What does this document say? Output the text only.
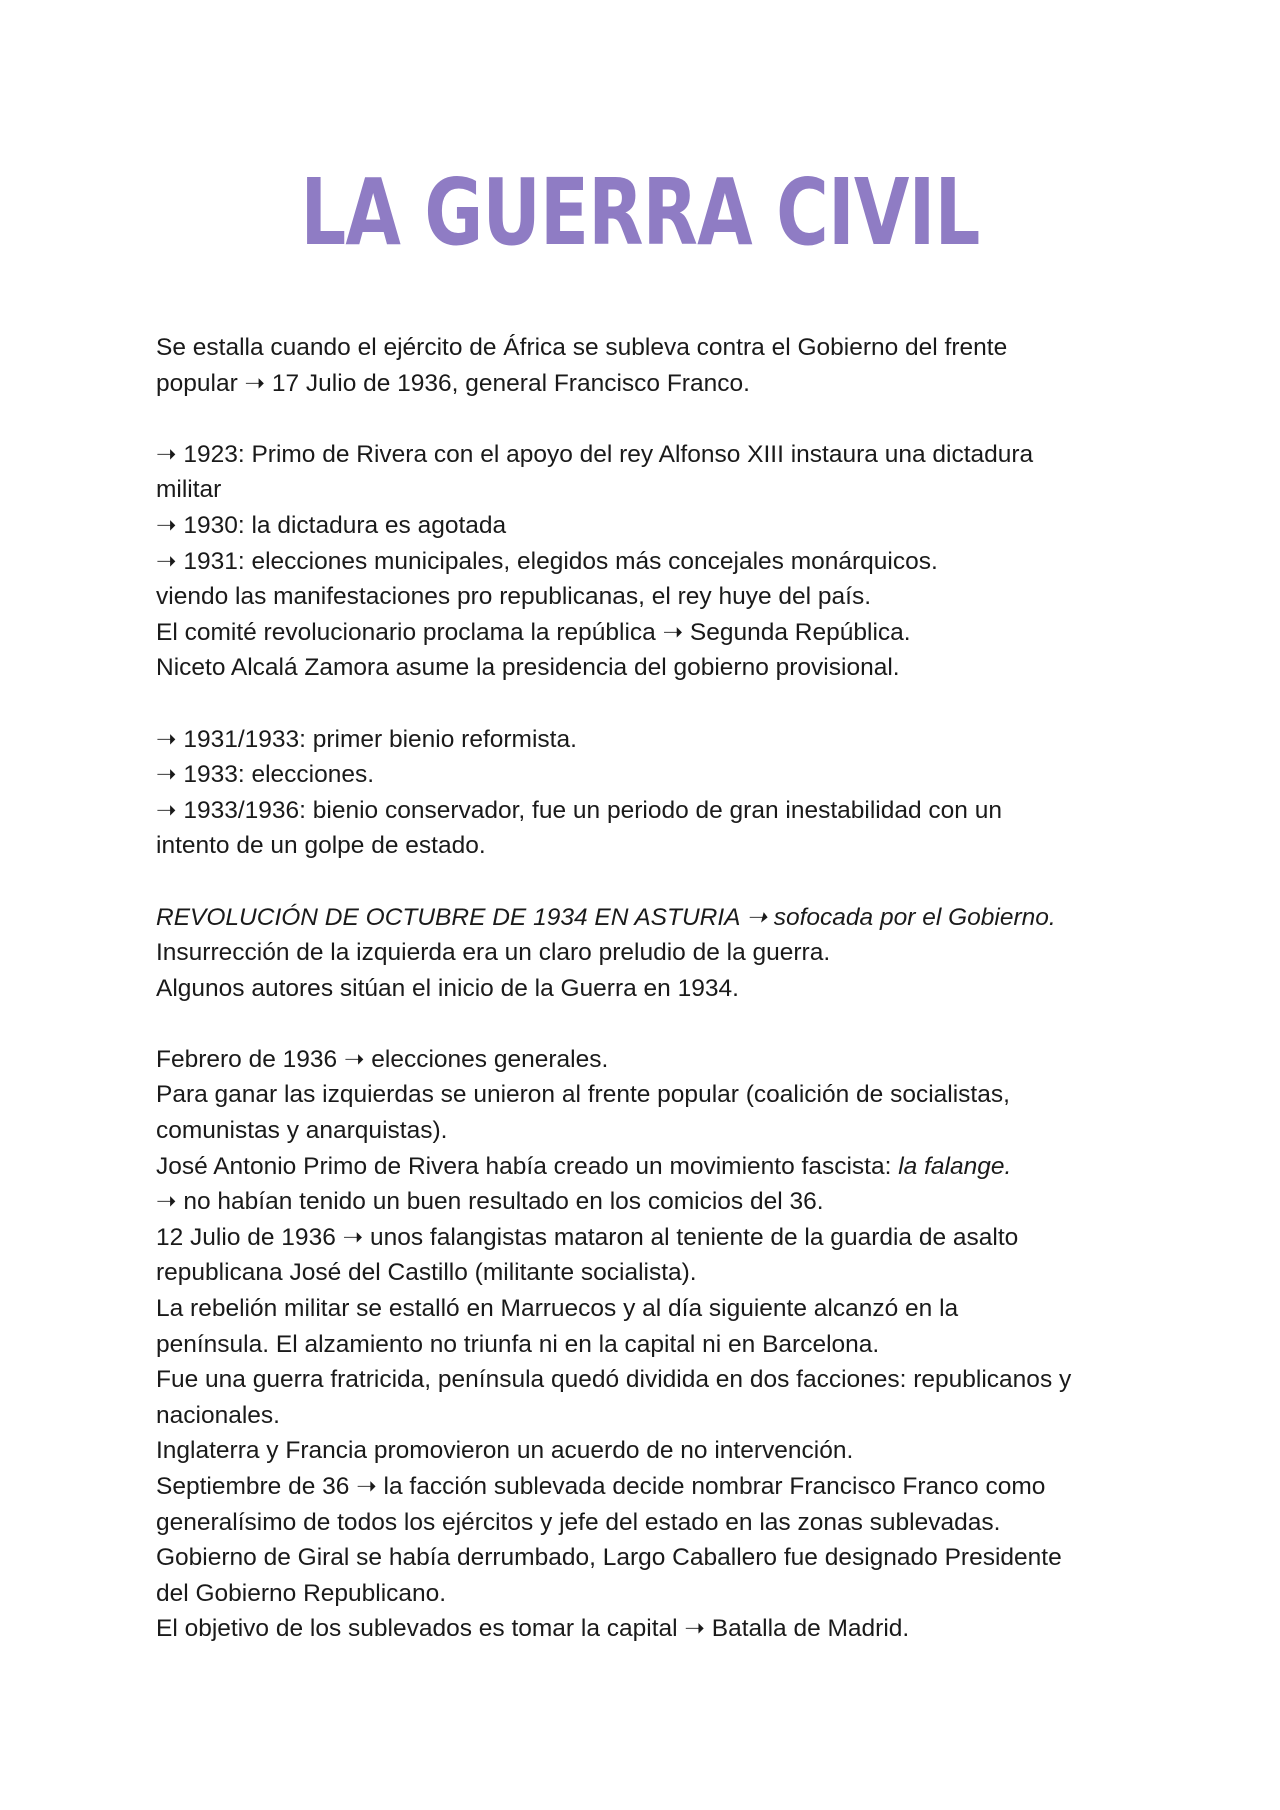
LA GUERRA CIVIL

Se estalla cuando el ejército de África se subleva contra el Gobierno del frente

popular ➝ 17 Julio de 1936, general Francisco Franco.

➝ 1923: Primo de Rivera con el apoyo del rey Alfonso XIII instaura una dictadura

militar

➝ 1930: la dictadura es agotada

➝ 1931: elecciones municipales, elegidos más concejales monárquicos.

viendo las manifestaciones pro republicanas, el rey huye del país.

El comité revolucionario proclama la república ➝ Segunda República.

Niceto Alcalá Zamora asume la presidencia del gobierno provisional.

➝ 1931/1933: primer bienio reformista.

➝ 1933: elecciones.

➝ 1933/1936: bienio conservador, fue un periodo de gran inestabilidad con un

intento de un golpe de estado.

REVOLUCIÓN DE OCTUBRE DE 1934 EN ASTURIA ➝ sofocada por el Gobierno.

Insurrección de la izquierda era un claro preludio de la guerra.

Algunos autores sitúan el inicio de la Guerra en 1934.

Febrero de 1936 ➝ elecciones generales.

Para ganar las izquierdas se unieron al frente popular (coalición de socialistas,

comunistas y anarquistas).

José Antonio Primo de Rivera había creado un movimiento fascista: la falange.

➝ no habían tenido un buen resultado en los comicios del 36.

12 Julio de 1936 ➝ unos falangistas mataron al teniente de la guardia de asalto

republicana José del Castillo (militante socialista).

La rebelión militar se estalló en Marruecos y al día siguiente alcanzó en la

península. El alzamiento no triunfa ni en la capital ni en Barcelona.

Fue una guerra fratricida, península quedó dividida en dos facciones: republicanos y

nacionales.

Inglaterra y Francia promovieron un acuerdo de no intervención.

Septiembre de 36 ➝ la facción sublevada decide nombrar Francisco Franco como

generalísimo de todos los ejércitos y jefe del estado en las zonas sublevadas.

Gobierno de Giral se había derrumbado, Largo Caballero fue designado Presidente

del Gobierno Republicano.

El objetivo de los sublevados es tomar la capital ➝ Batalla de Madrid.
